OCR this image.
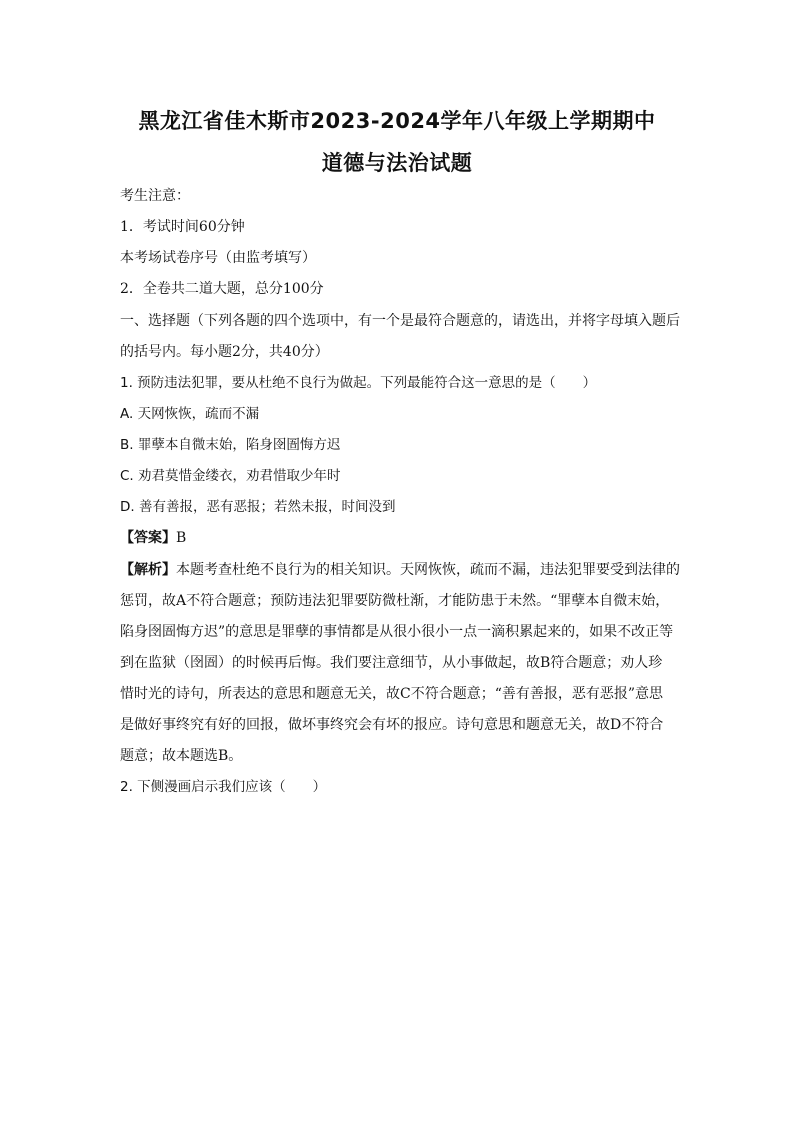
黑龙江省佳木斯市2023-2024学年八年级上学期期中
道德与法治试题

考生注意：

1．考试时间60分钟

本考场试卷序号（由监考填写）

2．全卷共二道大题，总分100分

一、选择题（下列各题的四个选项中，有一个是最符合题意的，请选出，并将字母填入题后

的括号内。每小题2分，共40分）

1. 预防违法犯罪，要从杜绝不良行为做起。下列最能符合这一意思的是（　　）

A. 天网恢恢，疏而不漏

B. 罪孽本自微末始，陷身囹圄悔方迟

C. 劝君莫惜金缕衣，劝君惜取少年时

D. 善有善报，恶有恶报；若然未报，时间没到

【答案】B

【解析】本题考查杜绝不良行为的相关知识。天网恢恢，疏而不漏，违法犯罪要受到法律的

惩罚，故A不符合题意；预防违法犯罪要防微杜渐，才能防患于未然。“罪孽本自微末始，

陷身囹圄悔方迟”的意思是罪孽的事情都是从很小很小一点一滴积累起来的，如果不改正等

到在监狱（囹圄）的时候再后悔。我们要注意细节，从小事做起，故B符合题意；劝人珍

惜时光的诗句，所表达的意思和题意无关，故C不符合题意；“善有善报，恶有恶报”意思

是做好事终究有好的回报，做坏事终究会有坏的报应。诗句意思和题意无关，故D不符合

题意；故本题选B。

2. 下侧漫画启示我们应该（　　）
